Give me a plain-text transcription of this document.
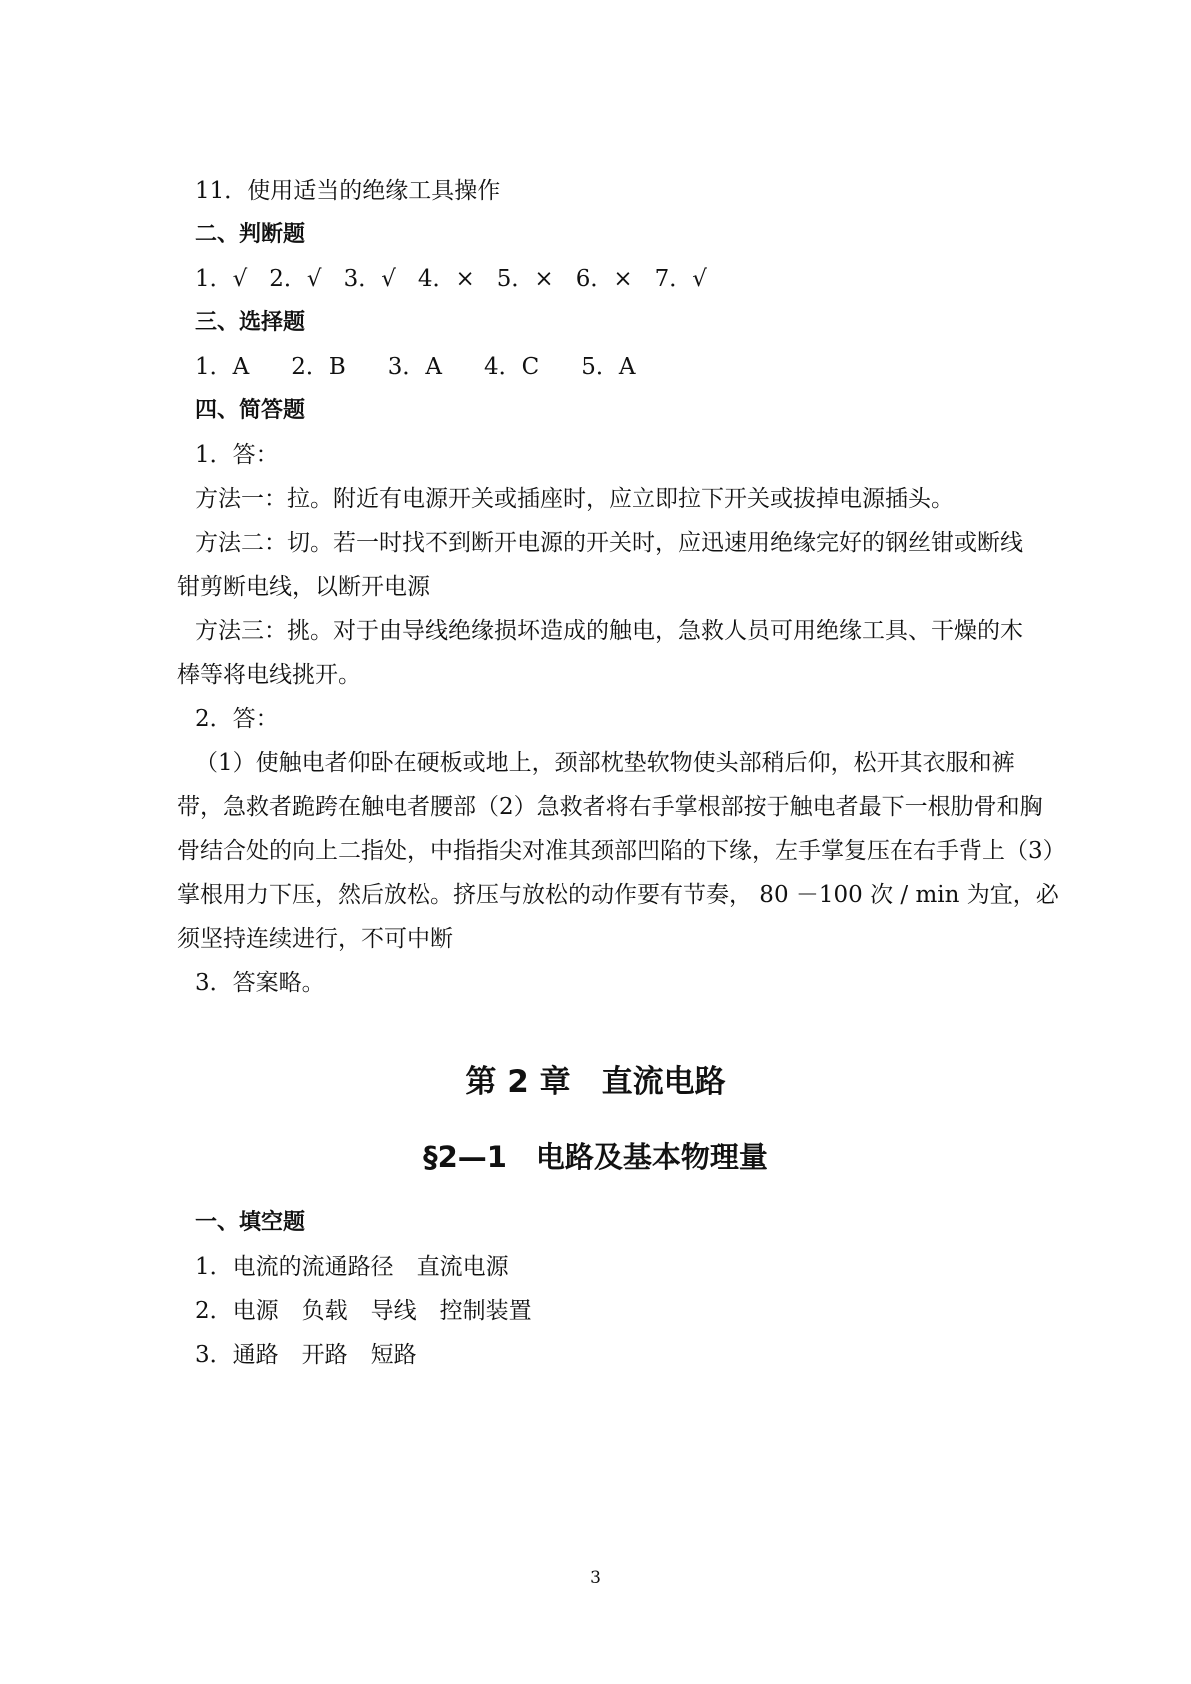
11．使用适当的绝缘工具操作
二、判断题
1．√ 2．√ 3．√ 4．× 5．× 6．× 7．√
三、选择题
1．A 2．B 3．A 4．C 5．A
四、简答题
1．答：
方法一：拉。附近有电源开关或插座时，应立即拉下开关或拔掉电源插头。
方法二：切。若一时找不到断开电源的开关时，应迅速用绝缘完好的钢丝钳或断线
钳剪断电线，以断开电源
方法三：挑。对于由导线绝缘损坏造成的触电，急救人员可用绝缘工具、干燥的木
棒等将电线挑开。
2．答：
（1）使触电者仰卧在硬板或地上，颈部枕垫软物使头部稍后仰，松开其衣服和裤
带，急救者跪跨在触电者腰部（2）急救者将右手掌根部按于触电者最下一根肋骨和胸
骨结合处的向上二指处，中指指尖对准其颈部凹陷的下缘，左手掌复压在右手背上（3）
掌根用力下压，然后放松。挤压与放松的动作要有节奏， 80 －100 次 / min 为宜，必
须坚持连续进行，不可中断
3．答案略。
第 2 章　直流电路
§2—1　电路及基本物理量
一、填空题
1．电流的流通路径　直流电源
2．电源　负载　导线　控制装置
3．通路　开路　短路
3
